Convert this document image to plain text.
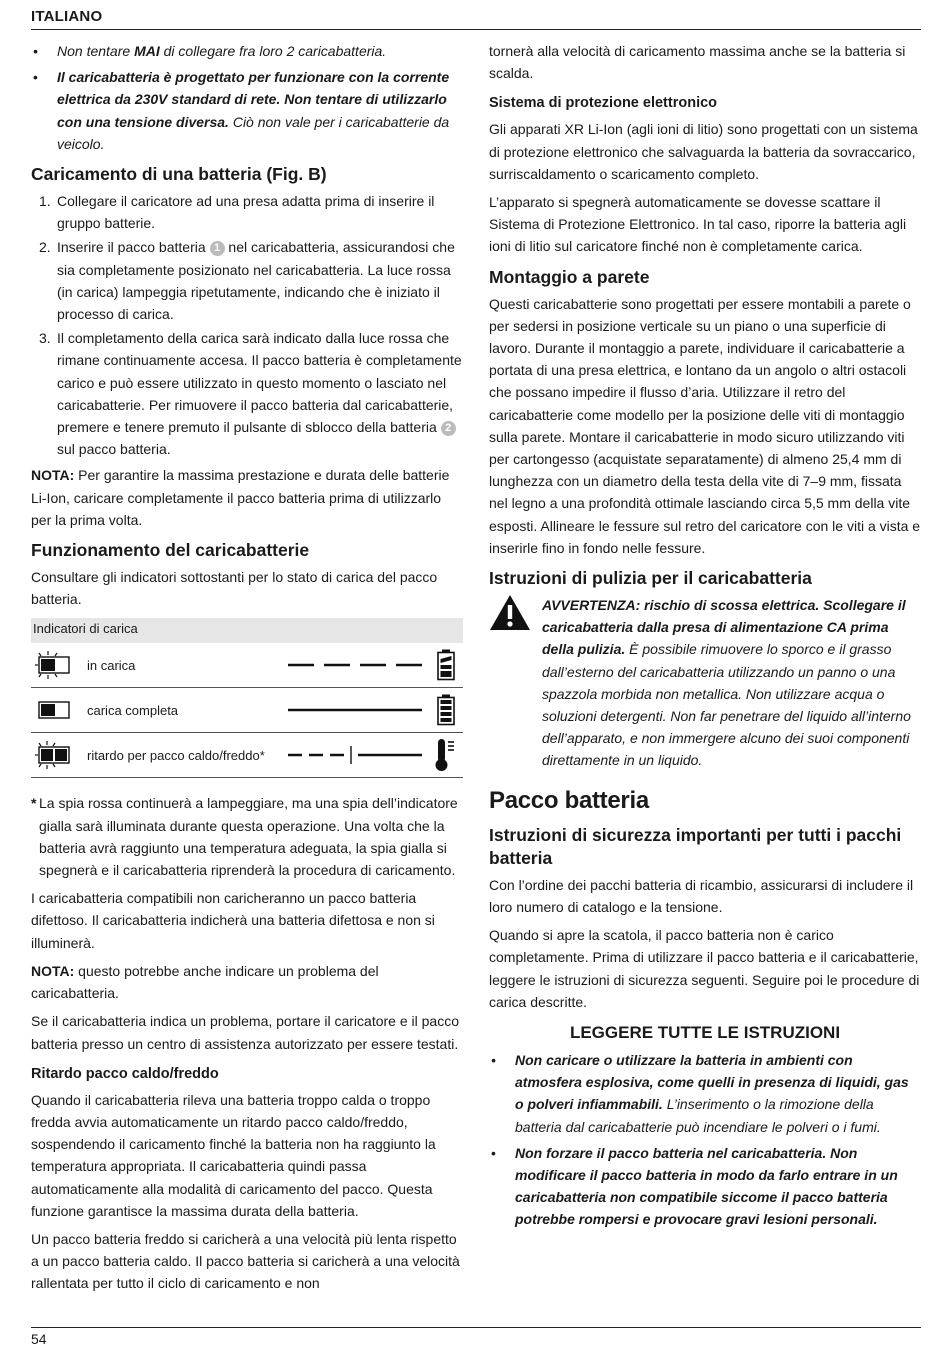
ITALIANO
• Non tentare MAI di collegare fra loro 2 caricabatteria.
• Il caricabatteria è progettato per funzionare con la corrente elettrica da 230V standard di rete. Non tentare di utilizzarlo con una tensione diversa. Ciò non vale per i caricabatterie da veicolo.
Caricamento di una batteria (Fig. B)
1. Collegare il caricatore ad una presa adatta prima di inserire il gruppo batterie.
2. Inserire il pacco batteria 1 nel caricabatteria, assicurandosi che sia completamente posizionato nel caricabatteria. La luce rossa (in carica) lampeggia ripetutamente, indicando che è iniziato il processo di carica.
3. Il completamento della carica sarà indicato dalla luce rossa che rimane continuamente accesa. Il pacco batteria è completamente carico e può essere utilizzato in questo momento o lasciato nel caricabatterie. Per rimuovere il pacco batteria dal caricabatterie, premere e tenere premuto il pulsante di sblocco della batteria 2 sul pacco batteria.

NOTA: Per garantire la massima prestazione e durata delle batterie Li-Ion, caricare completamente il pacco batteria prima di utilizzarlo per la prima volta.

Funzionamento del caricabatterie

Consultare gli indicatori sottostanti per lo stato di carica del pacco batteria.

Indicatori di carica
in carica
carica completa
ritardo per pacco caldo/freddo*
* La spia rossa continuerà a lampeggiare, ma una spia dell’indicatore gialla sarà illuminata durante questa operazione. Una volta che la batteria avrà raggiunto una temperatura adeguata, la spia gialla si spegnerà e il caricabatteria riprenderà la procedura di caricamento.

I caricabatteria compatibili non caricheranno un pacco batteria difettoso. Il caricabatteria indicherà una batteria difettosa e non si illuminerà.

NOTA: questo potrebbe anche indicare un problema del caricabatteria.

Se il caricabatteria indica un problema, portare il caricatore e il pacco batteria presso un centro di assistenza autorizzato per essere testati.

Ritardo pacco caldo/freddo

Quando il caricabatteria rileva una batteria troppo calda o troppo fredda avvia automaticamente un ritardo pacco caldo/freddo, sospendendo il caricamento finché la batteria non ha raggiunto la temperatura appropriata. Il caricabatteria quindi passa automaticamente alla modalità di caricamento del pacco. Questa funzione garantisce la massima durata della batteria.

Un pacco batteria freddo si caricherà a una velocità più lenta rispetto a un pacco batteria caldo. Il pacco batteria si caricherà a una velocità rallentata per tutto il ciclo di caricamento e non

tornerà alla velocità di caricamento massima anche se la batteria si scalda.

Sistema di protezione elettronico

Gli apparati XR Li-Ion (agli ioni di litio) sono progettati con un sistema di protezione elettronico che salvaguarda la batteria da sovraccarico, surriscaldamento o scaricamento completo.

L’apparato si spegnerà automaticamente se dovesse scattare il Sistema di Protezione Elettronico. In tal caso, riporre la batteria agli ioni di litio sul caricatore finché non è completamente carica.

Montaggio a parete

Questi caricabatterie sono progettati per essere montabili a parete o per sedersi in posizione verticale su un piano o una superficie di lavoro. Durante il montaggio a parete, individuare il caricabatterie a portata di una presa elettrica, e lontano da un angolo o altri ostacoli che possano impedire il flusso d’aria. Utilizzare il retro del caricabatterie come modello per la posizione delle viti di montaggio sulla parete. Montare il caricabatterie in modo sicuro utilizzando viti per cartongesso (acquistate separatamente) di almeno 25,4 mm di lunghezza con un diametro della testa della vite di 7–9 mm, fissata nel legno a una profondità ottimale lasciando circa 5,5 mm della vite esposti. Allineare le fessure sul retro del caricatore con le viti a vista e inserirle fino in fondo nelle fessure.

Istruzioni di pulizia per il caricabatteria

AVVERTENZA: rischio di scossa elettrica. Scollegare il caricabatteria dalla presa di alimentazione CA prima della pulizia. È possibile rimuovere lo sporco e il grasso dall’esterno del caricabatteria utilizzando un panno o una spazzola morbida non metallica. Non utilizzare acqua o soluzioni detergenti. Non far penetrare del liquido all’interno dell’apparato, e non immergere alcuno dei suoi componenti direttamente in un liquido.

Pacco batteria
Istruzioni di sicurezza importanti per tutti i pacchi batteria

Con l’ordine dei pacchi batteria di ricambio, assicurarsi di includere il loro numero di catalogo e la tensione.

Quando si apre la scatola, il pacco batteria non è carico completamente. Prima di utilizzare il pacco batteria e il caricabatterie, leggere le istruzioni di sicurezza seguenti. Seguire poi le procedure di carica descritte.

LEGGERE TUTTE LE ISTRUZIONI
• Non caricare o utilizzare la batteria in ambienti con atmosfera esplosiva, come quelli in presenza di liquidi, gas o polveri infiammabili. L’inserimento o la rimozione della batteria dal caricabatterie può incendiare le polveri o i fumi.
• Non forzare il pacco batteria nel caricabatteria. Non modificare il pacco batteria in modo da farlo entrare in un caricabatteria non compatibile siccome il pacco batteria potrebbe rompersi e provocare gravi lesioni personali.
54
